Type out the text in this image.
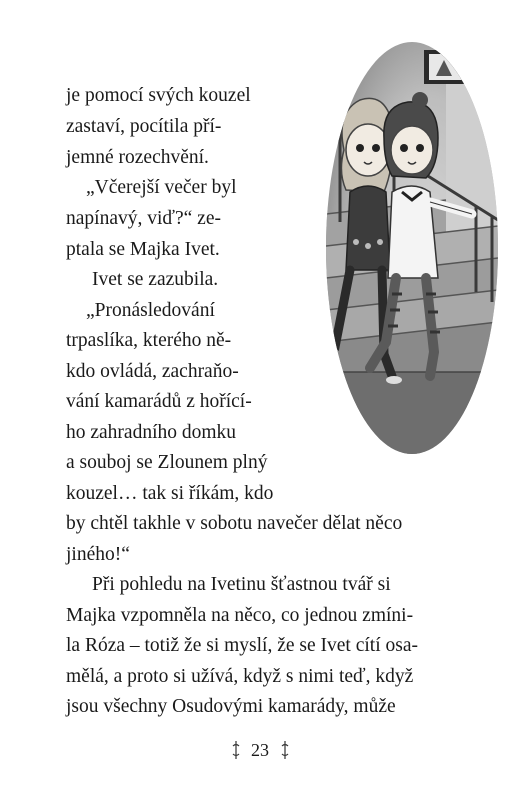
je pomocí svých kouzel
zastaví, pocítila pří-
jemné rozechvění.
„Včerejší večer byl
napínavý, viď?“ ze-
ptala se Majka Ivet.
Ivet se zazubila.
„Pronásledování
trpaslíka, kterého ně-
kdo ovládá, zachraňo-
vání kamarádů z hořící-
ho zahradního domku
a souboj se Zlounem plný
kouzel… tak si říkám, kdo
by chtěl takhle v sobotu navečer dělat něco
jiného!“
Při pohledu na Ivetinu šťastnou tvář si
Majka vzpomněla na něco, co jednou zmíni-
la Róza – totiž že si myslí, že se Ivet cítí osa-
mělá, a proto si užívá, když s nimi teď, když
jsou všechny Osudovými kamarády, může
23
